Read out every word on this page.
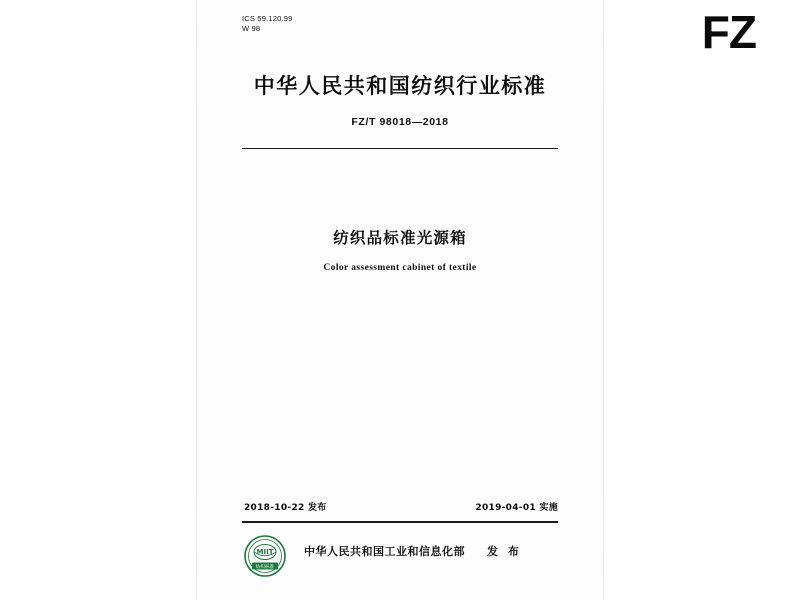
ICS 59.120.99
W 98	FZ
中华人民共和国纺织行业标准
FZ/T 98018—2018
纺织品标准光源箱
Color assessment cabinet of textile
2018-10-22 发布	2019-04-01 实施
MIIT
纺织标准
中华人民共和国工业和信息化部 发 布
